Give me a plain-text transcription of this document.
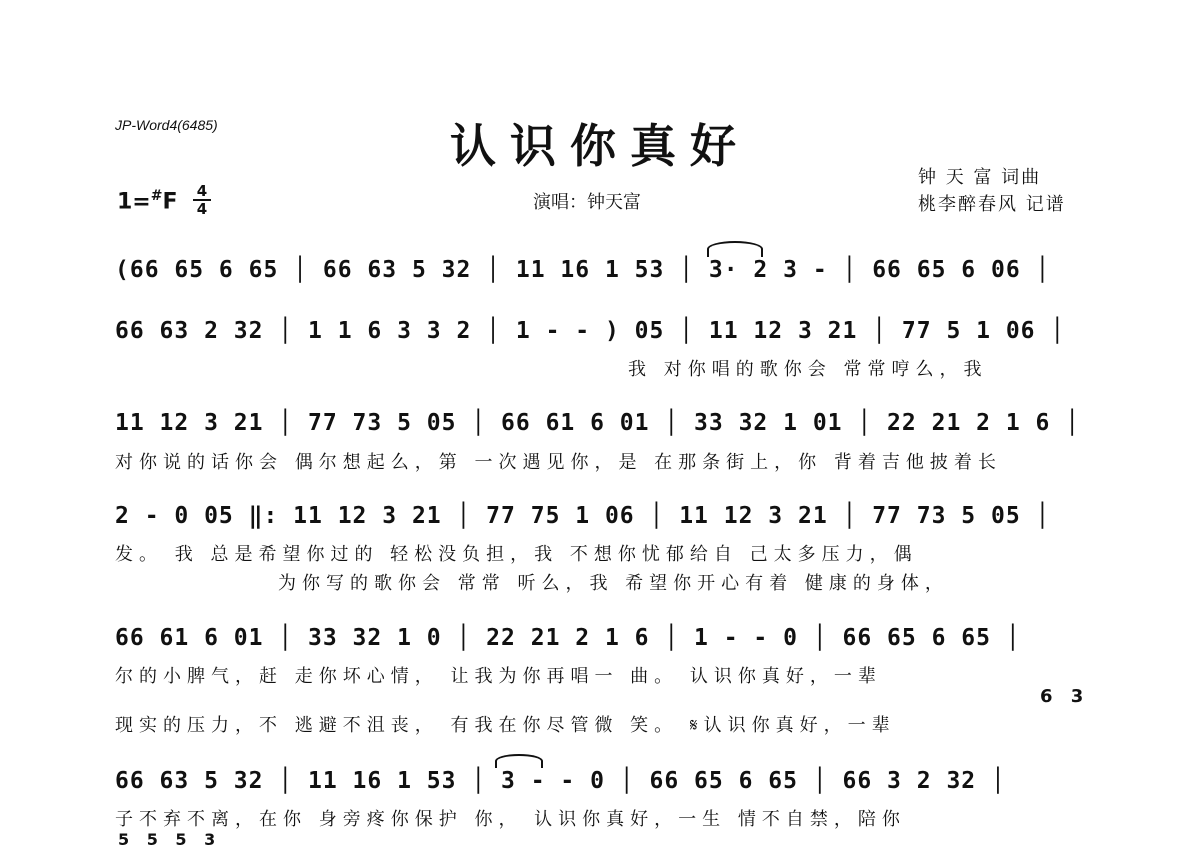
JP-Word4(6485)	认识你真好
钟 天 富 词曲
桃李醉春风 记谱
1=#F 4
4	演唱：钟天富
(66 65 6 65 │ 66 63 5 32 │ 11 16 1 53 │ 3· 2 3 - │ 66 65 6 06 │
66 63 2 32 │ 1 1 6 3 3 2 │ 1 - - ) 05 │ 11 12 3 21 │ 77 5 1 06 │
我 对你唱的歌你会 常常哼么，我
11 12 3 21 │ 77 73 5 05 │ 66 61 6 01 │ 33 32 1 01 │ 22 21 2 1 6 │
对你说的话你会 偶尔想起么，第 一次遇见你，是 在那条街上，你 背着吉他披着长
2 - 0 05 ‖: 11 12 3 21 │ 77 75 1 06 │ 11 12 3 21 │ 77 73 5 05 │
发。 我 总是希望你过的 轻松没负担，我 不想你忧郁给自 己太多压力，偶
为你写的歌你会 常常 听么，我 希望你开心有着 健康的身体，
66 61 6 01 │ 33 32 1 0 │ 22 21 2 1 6 │ 1 - - 0 │ 66 65 6 65 │
尔的小脾气，赶 走你坏心情， 让我为你再唱一 曲。 认识你真好，一辈
6 3
现实的压力，不 逃避不沮丧， 有我在你尽管微 笑。 𝄋认识你真好，一辈
66 63 5 32 │ 11 16 1 53 │ 3 - - 0 │ 66 65 6 65 │ 66 3 2 32 │
子不弃不离，在你 身旁疼你保护 你， 认识你真好，一生 情不自禁，陪你
5 5 5 3
